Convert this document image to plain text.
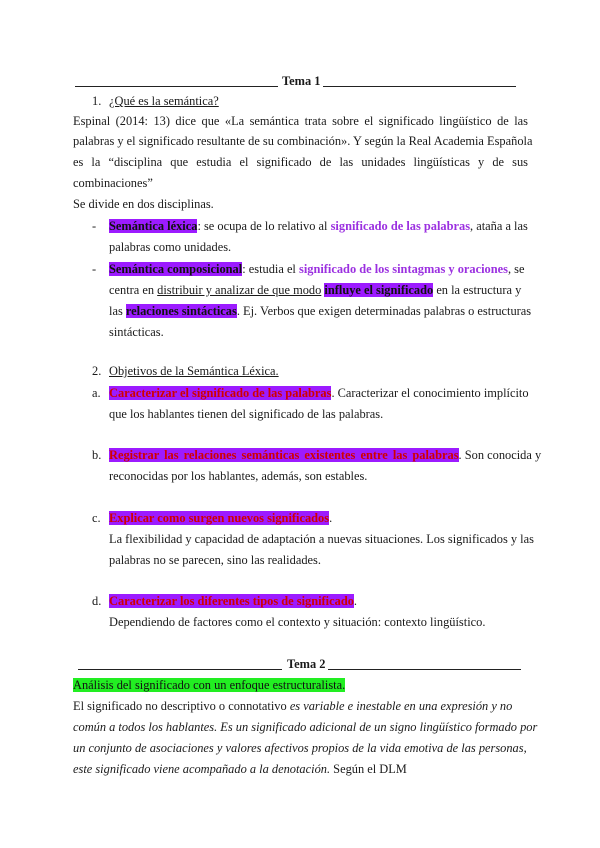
Tema 1
1. ¿Qué es la semántica?
Espinal (2014: 13) dice que «La semántica trata sobre el significado lingüístico de las
palabras y el significado resultante de su combinación». Y según la Real Academia Española
es la “disciplina que estudia el significado de las unidades lingüísticas y de sus
combinaciones”
Se divide en dos disciplinas.
- Semántica léxica: se ocupa de lo relativo al significado de las palabras, ataña a las
palabras como unidades.
- Semántica composicional: estudia el significado de los sintagmas y oraciones, se
centra en distribuir y analizar de que modo influye el significado en la estructura y
las relaciones sintácticas. Ej. Verbos que exigen determinadas palabras o estructuras
sintácticas.
2. Objetivos de la Semántica Léxica.
a. Caracterizar el significado de las palabras. Caracterizar el conocimiento implícito
que los hablantes tienen del significado de las palabras.
b. Registrar las relaciones semánticas existentes entre las palabras. Son conocida y
reconocidas por los hablantes, además, son estables.
c. Explicar como surgen nuevos significados.
La flexibilidad y capacidad de adaptación a nuevas situaciones. Los significados y las
palabras no se parecen, sino las realidades.
d. Caracterizar los diferentes tipos de significado.
Dependiendo de factores como el contexto y situación: contexto lingüístico.
Tema 2
Análisis del significado con un enfoque estructuralista.
El significado no descriptivo o connotativo es variable e inestable en una expresión y no
común a todos los hablantes. Es un significado adicional de un signo lingüístico formado por
un conjunto de asociaciones y valores afectivos propios de la vida emotiva de las personas,
este significado viene acompañado a la denotación. Según el DLM
